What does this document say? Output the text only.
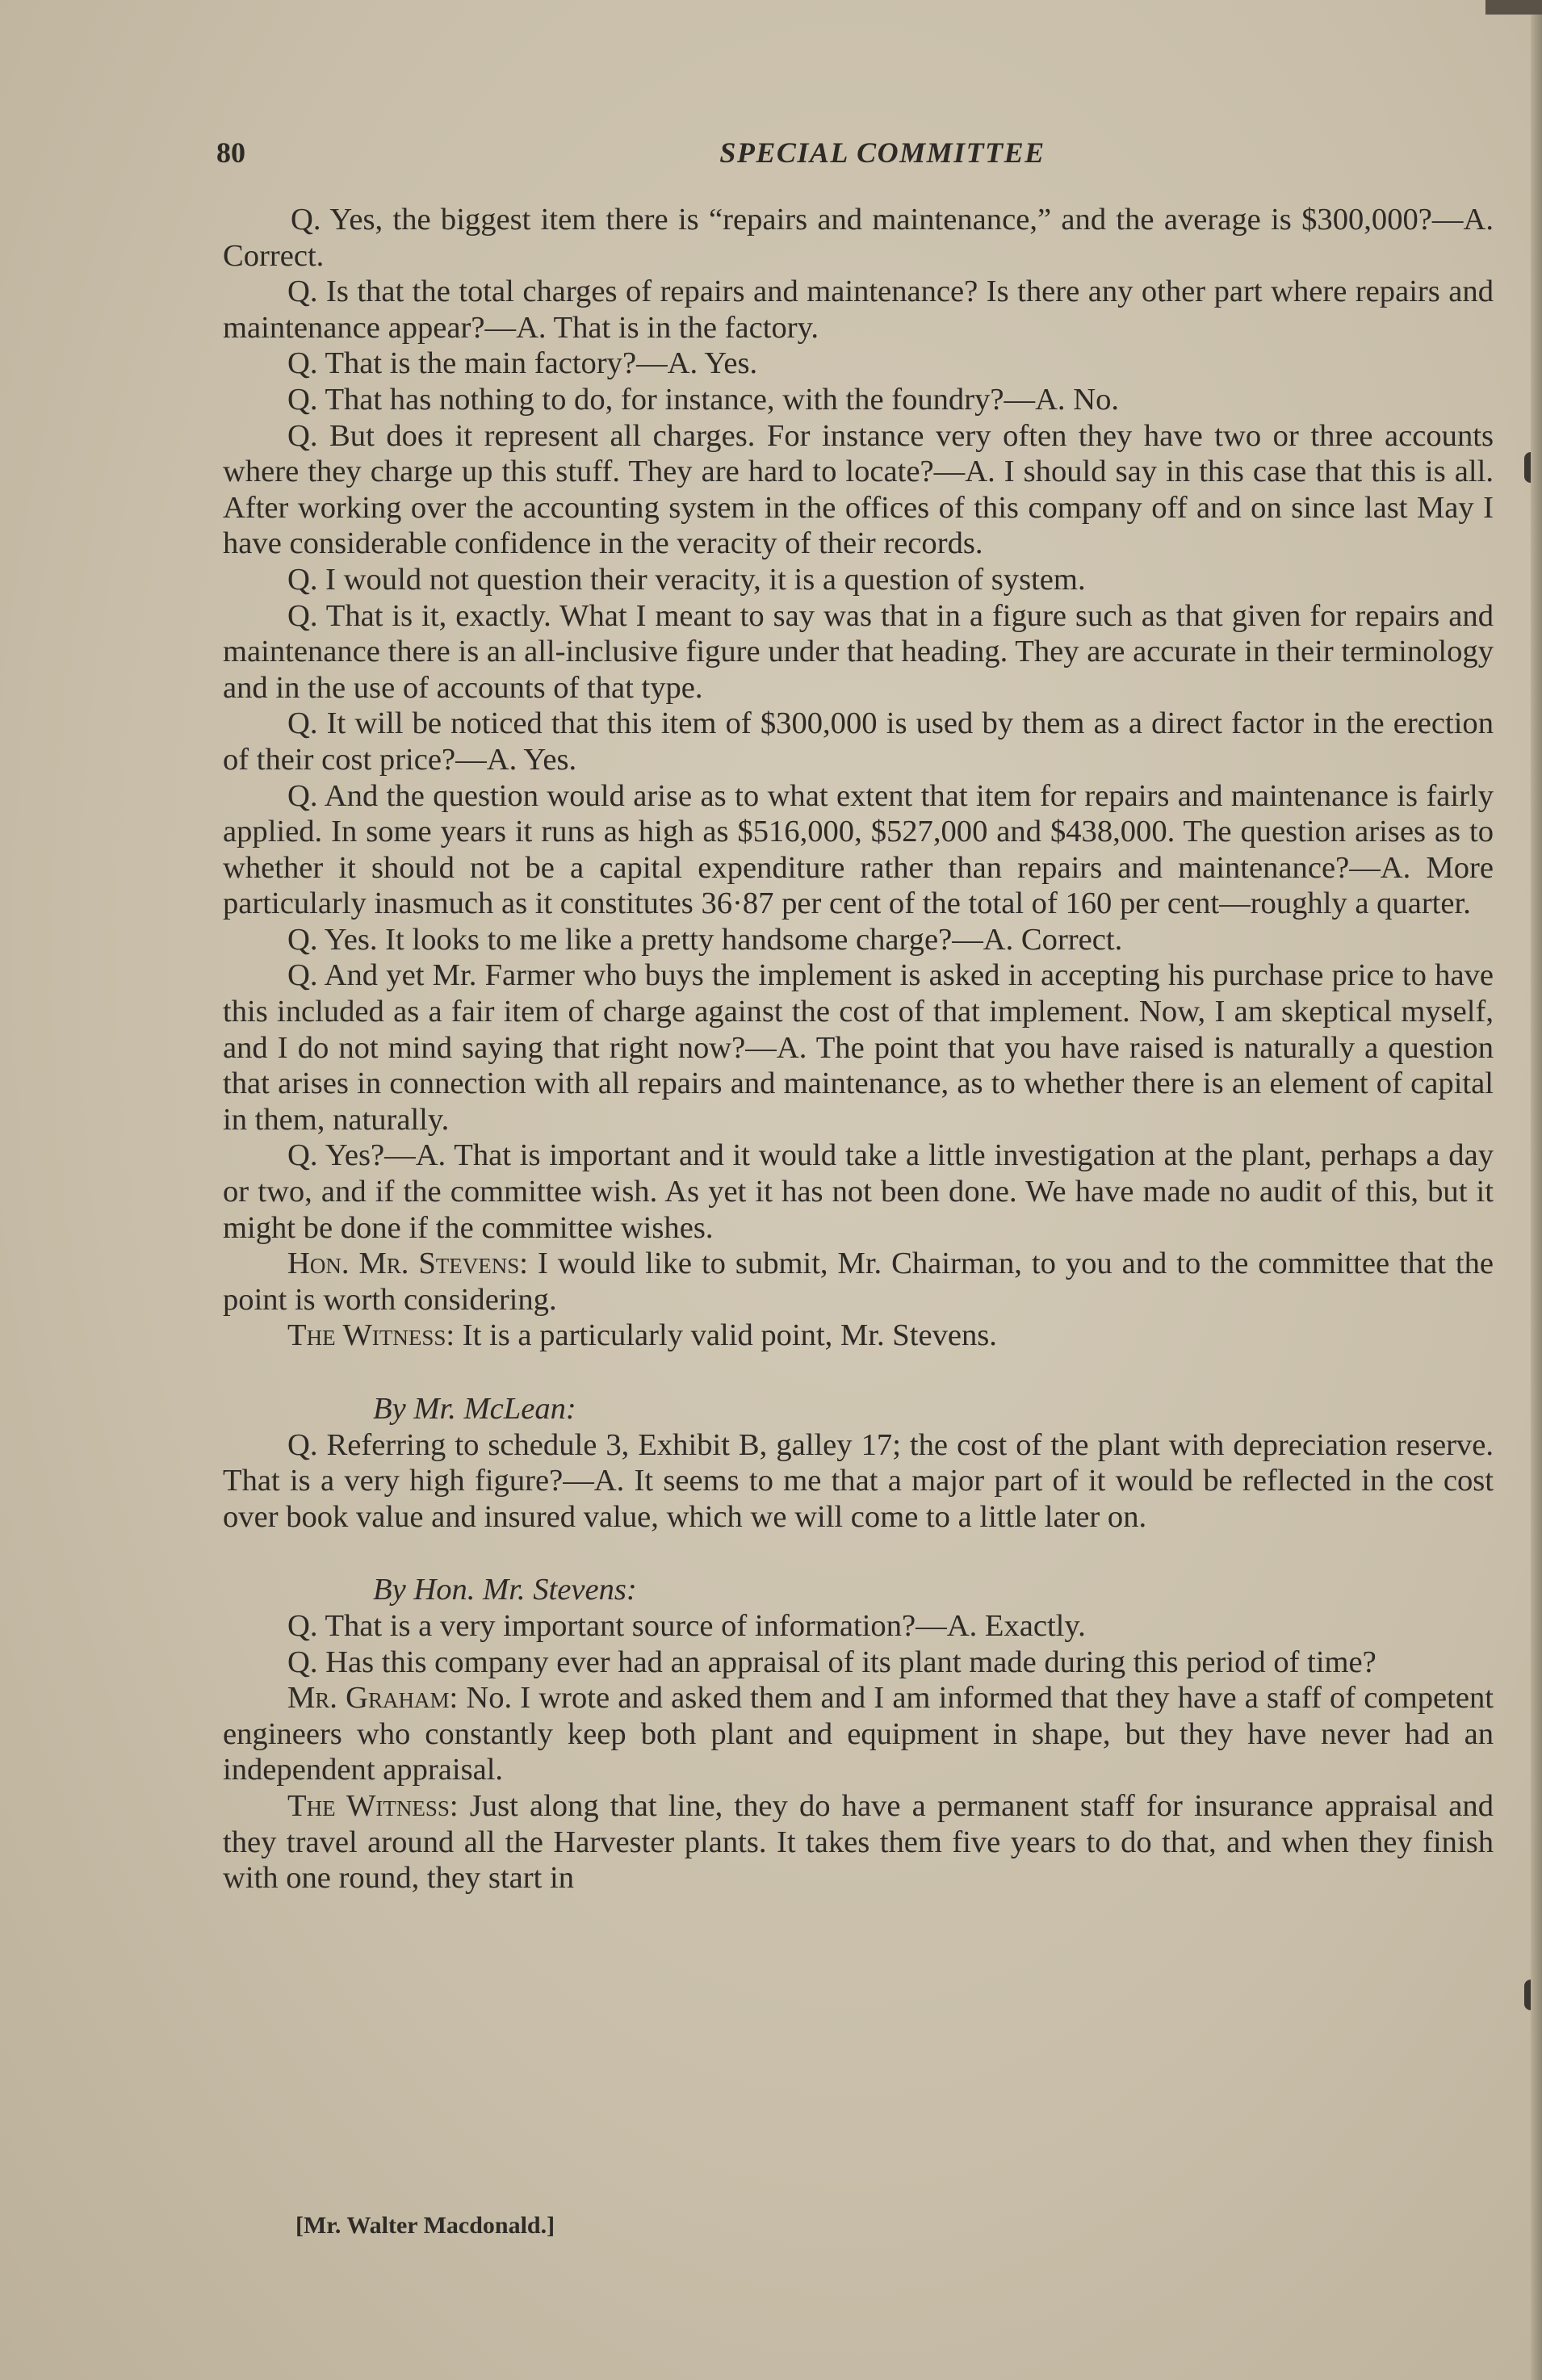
80	SPECIAL COMMITTEE

Q. Yes, the biggest item there is “repairs and maintenance,” and the average is $300,000?—A. Correct.

Q. Is that the total charges of repairs and maintenance? Is there any other part where repairs and maintenance appear?—A. That is in the factory.

Q. That is the main factory?—A. Yes.

Q. That has nothing to do, for instance, with the foundry?—A. No.

Q. But does it represent all charges. For instance very often they have two or three accounts where they charge up this stuff. They are hard to locate?—A. I should say in this case that this is all. After working over the accounting system in the offices of this company off and on since last May I have considerable confidence in the veracity of their records.

Q. I would not question their veracity, it is a question of system.

Q. That is it, exactly. What I meant to say was that in a figure such as that given for repairs and maintenance there is an all-inclusive figure under that heading. They are accurate in their terminology and in the use of accounts of that type.

Q. It will be noticed that this item of $300,000 is used by them as a direct factor in the erection of their cost price?—A. Yes.

Q. And the question would arise as to what extent that item for repairs and maintenance is fairly applied. In some years it runs as high as $516,000, $527,000 and $438,000. The question arises as to whether it should not be a capital expenditure rather than repairs and maintenance?—A. More particularly inasmuch as it constitutes 36·87 per cent of the total of 160 per cent—roughly a quarter.

Q. Yes. It looks to me like a pretty handsome charge?—A. Correct.

Q. And yet Mr. Farmer who buys the implement is asked in accepting his purchase price to have this included as a fair item of charge against the cost of that implement. Now, I am skeptical myself, and I do not mind saying that right now?—A. The point that you have raised is naturally a question that arises in connection with all repairs and maintenance, as to whether there is an element of capital in them, naturally.

Q. Yes?—A. That is important and it would take a little investigation at the plant, perhaps a day or two, and if the committee wish. As yet it has not been done. We have made no audit of this, but it might be done if the committee wishes.

Hon. Mr. Stevens: I would like to submit, Mr. Chairman, to you and to the committee that the point is worth considering.

The Witness: It is a particularly valid point, Mr. Stevens.

By Mr. McLean:

Q. Referring to schedule 3, Exhibit B, galley 17; the cost of the plant with depreciation reserve. That is a very high figure?—A. It seems to me that a major part of it would be reflected in the cost over book value and insured value, which we will come to a little later on.

By Hon. Mr. Stevens:

Q. That is a very important source of information?—A. Exactly.

Q. Has this company ever had an appraisal of its plant made during this period of time?

Mr. Graham: No. I wrote and asked them and I am informed that they have a staff of competent engineers who constantly keep both plant and equipment in shape, but they have never had an independent appraisal.

The Witness: Just along that line, they do have a permanent staff for insurance appraisal and they travel around all the Harvester plants. It takes them five years to do that, and when they finish with one round, they start in

[Mr. Walter Macdonald.]
